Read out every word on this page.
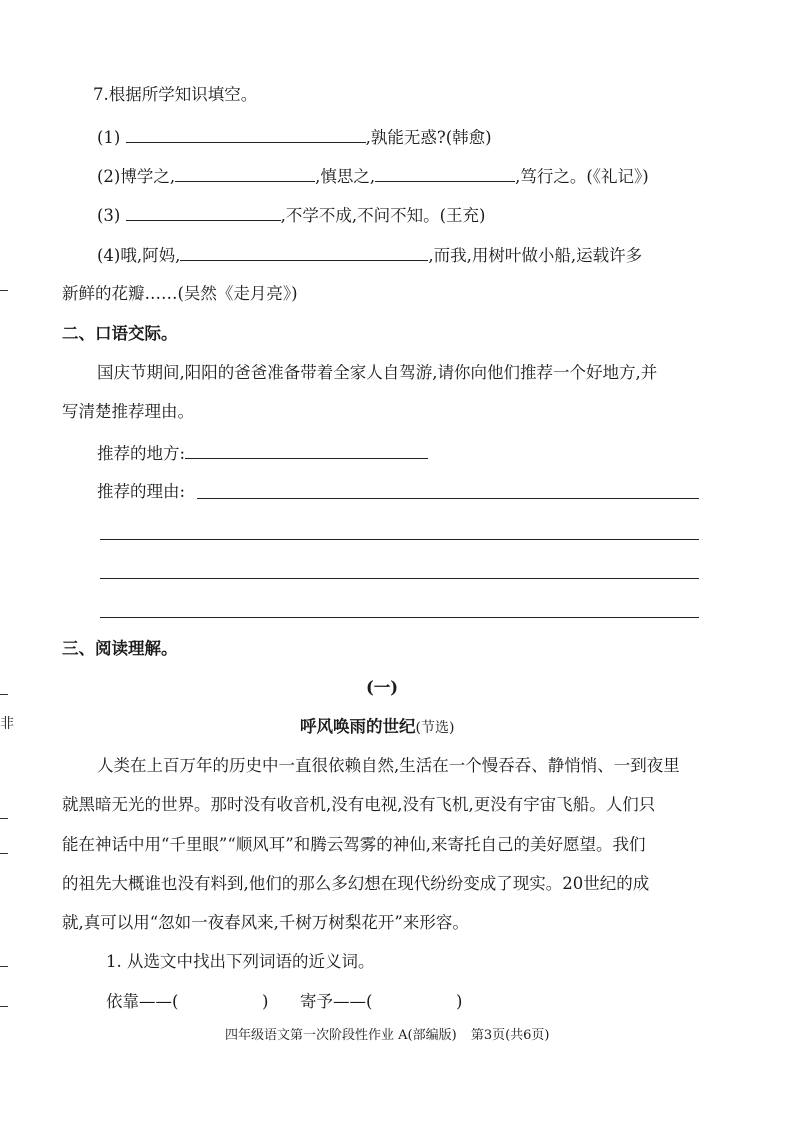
非
7.根据所学知识填空。
(1)	,孰能无惑?(韩愈)
(2)博学之,	,慎思之,	,笃行之。(《礼记》)
(3)	,不学不成,不问不知。(王充)
(4)哦,阿妈,	,而我,用树叶做小船,运载许多
新鲜的花瓣……(吴然《走月亮》)
二、口语交际。
国庆节期间,阳阳的爸爸准备带着全家人自驾游,请你向他们推荐一个好地方,并
写清楚推荐理由。
推荐的地方:
推荐的理由:
三、阅读理解。
(一)
呼风唤雨的世纪(节选)
人类在上百万年的历史中一直很依赖自然,生活在一个慢吞吞、静悄悄、一到夜里
就黑暗无光的世界。那时没有收音机,没有电视,没有飞机,更没有宇宙飞船。人们只
能在神话中用“千里眼”“顺风耳”和腾云驾雾的神仙,来寄托自己的美好愿望。我们
的祖先大概谁也没有料到,他们的那么多幻想在现代纷纷变成了现实。20世纪的成
就,真可以用“忽如一夜春风来,千树万树梨花开”来形容。
1. 从选文中找出下列词语的近义词。
依靠——(	) 寄予——(	)
四年级语文第一次阶段性作业 A(部编版) 第3页(共6页)
